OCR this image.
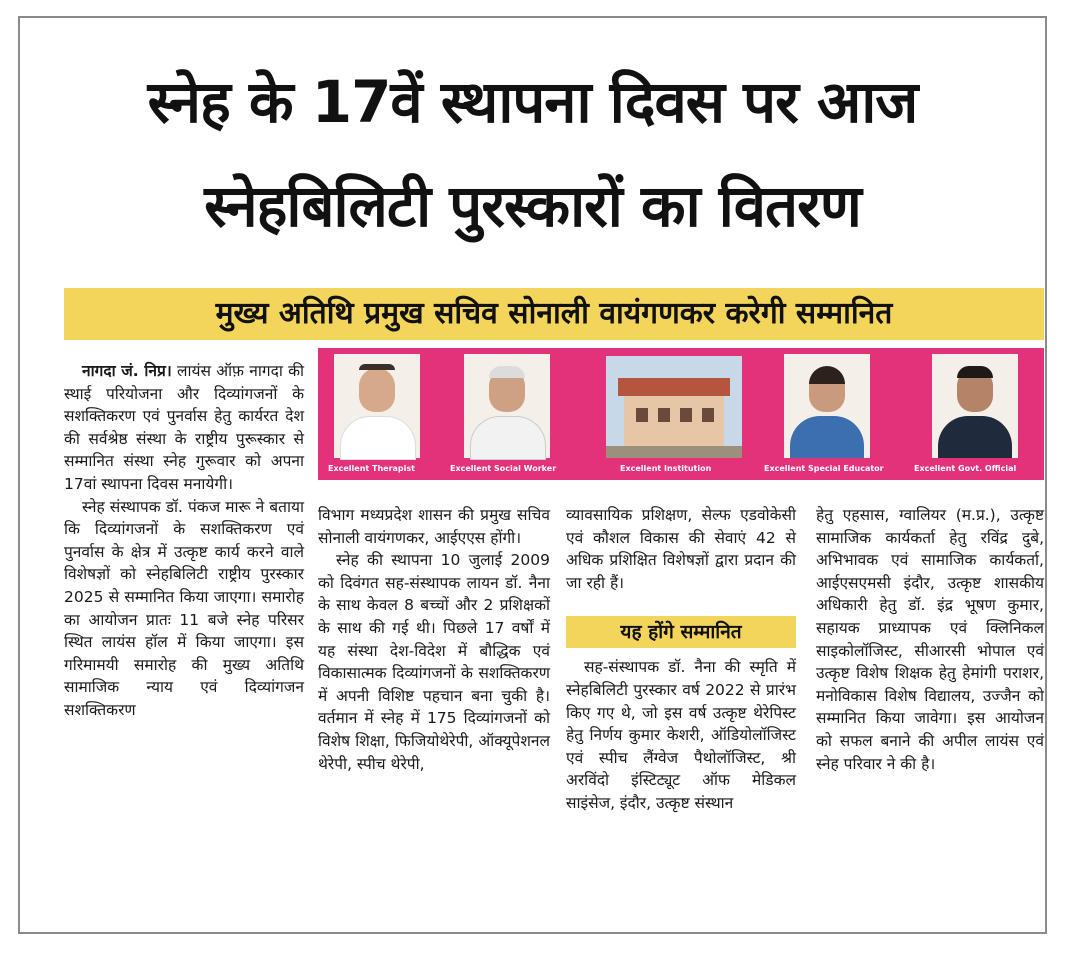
स्नेह के 17वें स्थापना दिवस पर आज
स्नेहबिलिटी पुरस्कारों का वितरण
मुख्य अतिथि प्रमुख सचिव सोनाली वायंगणकर करेगी सम्मानित
Excellent Therapist	Excellent Social Worker	Excellent Institution	Excellent Special Educator	Excellent Govt. Official

नागदा जं. निप्र। लायंस ऑफ़ नागदा की स्थाई परियोजना और दिव्यांगजनों के सशक्तिकरण एवं पुनर्वास हेतु कार्यरत देश की सर्वश्रेष्ठ संस्था के राष्ट्रीय पुरूस्कार से सम्मानित संस्था स्नेह गुरूवार को अपना 17वां स्थापना दिवस मनायेगी।

स्नेह संस्थापक डॉ. पंकज मारू ने बताया कि दिव्यांगजनों के सशक्तिकरण एवं पुनर्वास के क्षेत्र में उत्कृष्ट कार्य करने वाले विशेषज्ञों को स्नेहबिलिटी राष्ट्रीय पुरस्कार 2025 से सम्मानित किया जाएगा। समारोह का आयोजन प्रातः 11 बजे स्नेह परिसर स्थित लायंस हॉल में किया जाएगा। इस गरिमामयी समारोह की मुख्य अतिथि सामाजिक न्याय एवं दिव्यांगजन सशक्तिकरण

विभाग मध्यप्रदेश शासन की प्रमुख सचिव सोनाली वायंगणकर, आईएएस होंगी।

स्नेह की स्थापना 10 जुलाई 2009 को दिवंगत सह-संस्थापक लायन डॉ. नैना के साथ केवल 8 बच्चों और 2 प्रशिक्षकों के साथ की गई थी। पिछले 17 वर्षों में यह संस्था देश-विदेश में बौद्धिक एवं विकासात्मक दिव्यांगजनों के सशक्तिकरण में अपनी विशिष्ट पहचान बना चुकी है। वर्तमान में स्नेह में 175 दिव्यांगजनों को विशेष शिक्षा, फिजियोथेरेपी, ऑक्यूपेशनल थेरेपी, स्पीच थेरेपी,

व्यावसायिक प्रशिक्षण, सेल्फ एडवोकेसी एवं कौशल विकास की सेवाएं 42 से अधिक प्रशिक्षित विशेषज्ञों द्वारा प्रदान की जा रही हैं।

यह होंगे सम्मानित

सह-संस्थापक डॉ. नैना की स्मृति में स्नेहबिलिटी पुरस्कार वर्ष 2022 से प्रारंभ किए गए थे, जो इस वर्ष उत्कृष्ट थेरेपिस्ट हेतु निर्णय कुमार केशरी, ऑडियोलॉजिस्ट एवं स्पीच लैंग्वेज पैथोलॉजिस्ट, श्री अरविंदो इंस्टिट्यूट ऑफ मेडिकल साइंसेज, इंदौर, उत्कृष्ट संस्थान

हेतु एहसास, ग्वालियर (म.प्र.), उत्कृष्ट सामाजिक कार्यकर्ता हेतु रविंद्र दुबे, अभिभावक एवं सामाजिक कार्यकर्ता, आईएसएमसी इंदौर, उत्कृष्ट शासकीय अधिकारी हेतु डॉ. इंद्र भूषण कुमार, सहायक प्राध्यापक एवं क्लिनिकल साइकोलॉजिस्ट, सीआरसी भोपाल एवं उत्कृष्ट विशेष शिक्षक हेतु हेमांगी पराशर, मनोविकास विशेष विद्यालय, उज्जैन को सम्मानित किया जावेगा। इस आयोजन को सफल बनाने की अपील लायंस एवं स्नेह परिवार ने की है।
